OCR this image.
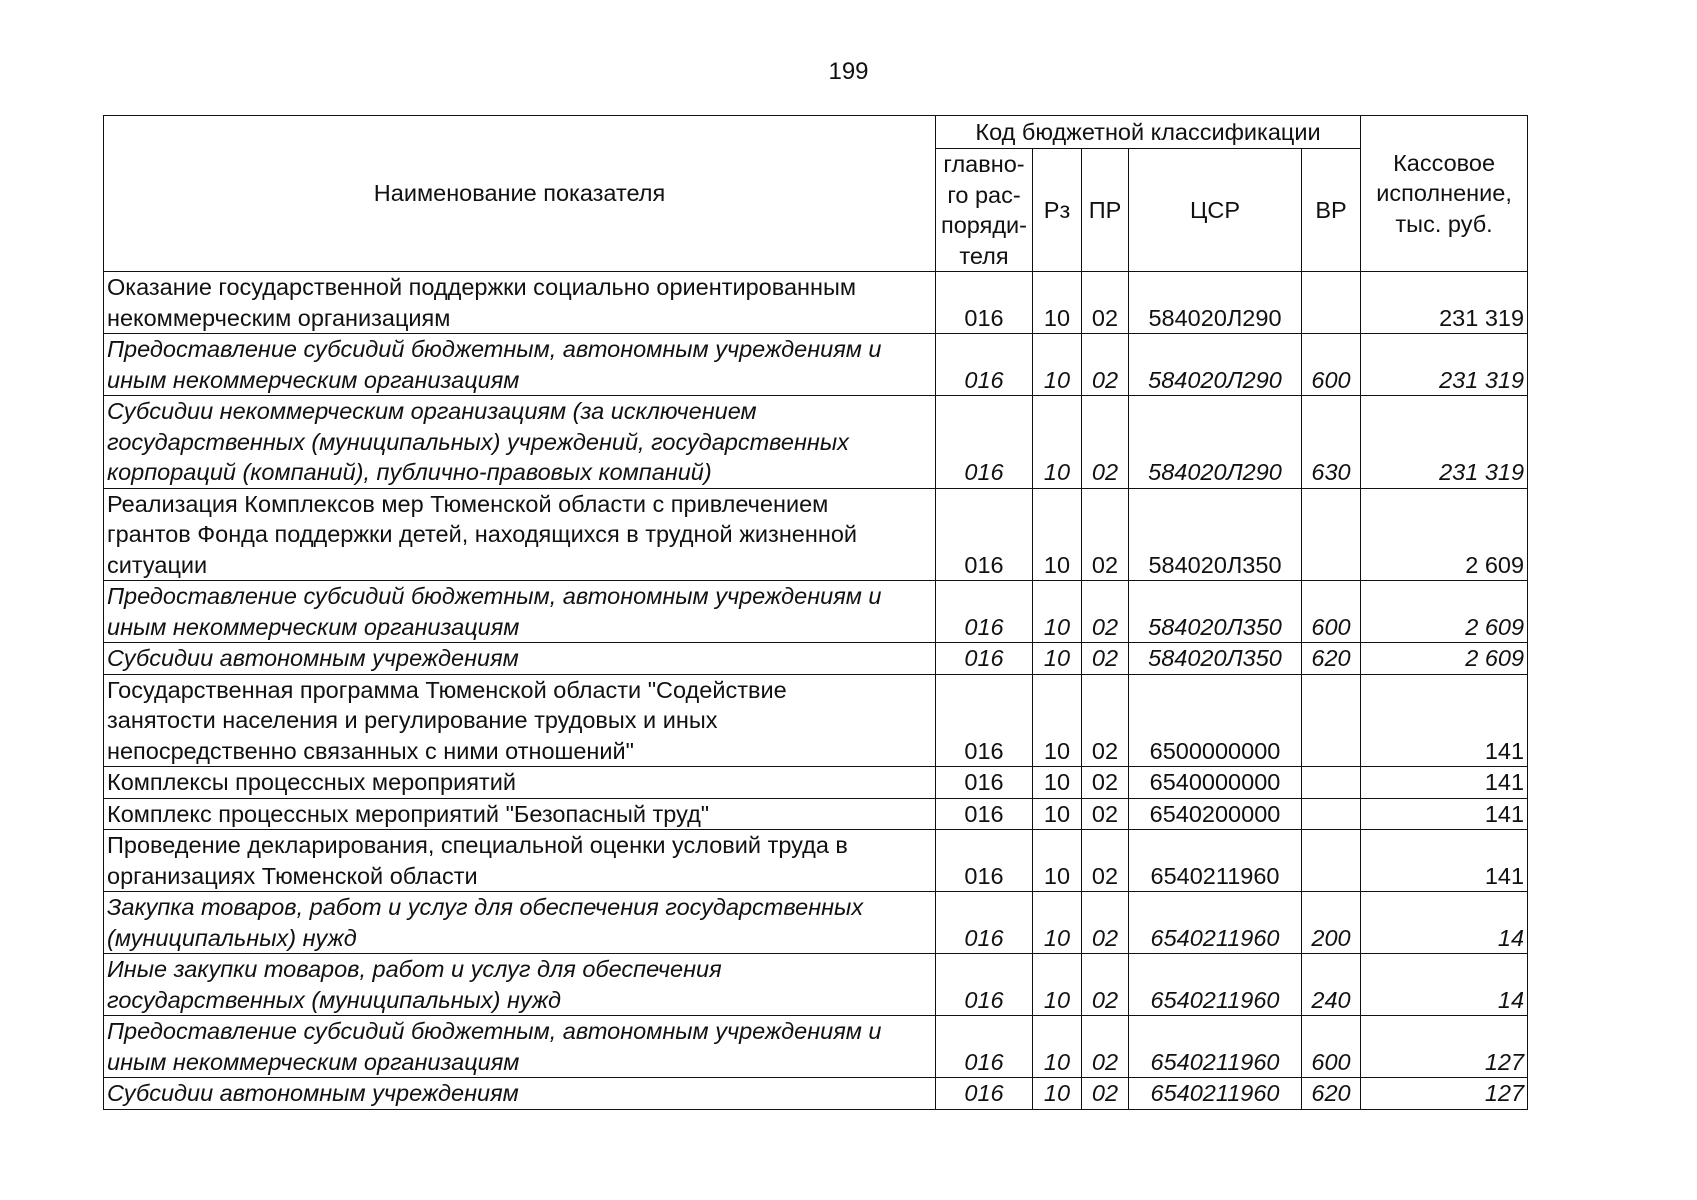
199
Наименование показателя	Код бюджетной классификации					Кассовое
исполнение,
тыс. руб.

	главно-
го рас-
поряди-
теля	Рз	ПР	ЦСР	ВР	

Оказание государственной поддержки социально ориентированным
некоммерческим организациям	016	10	02	584020Л290		231 319

Предоставление субсидий бюджетным, автономным учреждениям и
иным некоммерческим организациям	016	10	02	584020Л290	600	231 319

Субсидии некоммерческим организациям (за исключением
государственных (муниципальных) учреждений, государственных
корпораций (компаний), публично-правовых компаний)	016	10	02	584020Л290	630	231 319

Реализация Комплексов мер Тюменской области с привлечением
грантов Фонда поддержки детей, находящихся в трудной жизненной
ситуации	016	10	02	584020Л350		2 609

Предоставление субсидий бюджетным, автономным учреждениям и
иным некоммерческим организациям	016	10	02	584020Л350	600	2 609

Субсидии автономным учреждениям	016	10	02	584020Л350	620	2 609

Государственная программа Тюменской области "Содействие
занятости населения и регулирование трудовых и иных
непосредственно связанных с ними отношений"	016	10	02	6500000000		141

Комплексы процессных мероприятий	016	10	02	6540000000		141

Комплекс процессных мероприятий "Безопасный труд"	016	10	02	6540200000		141

Проведение декларирования, специальной оценки условий труда в
организациях Тюменской области	016	10	02	6540211960		141

Закупка товаров, работ и услуг для обеспечения государственных
(муниципальных) нужд	016	10	02	6540211960	200	14

Иные закупки товаров, работ и услуг для обеспечения
государственных (муниципальных) нужд	016	10	02	6540211960	240	14

Предоставление субсидий бюджетным, автономным учреждениям и
иным некоммерческим организациям	016	10	02	6540211960	600	127

Субсидии автономным учреждениям	016	10	02	6540211960	620	127
